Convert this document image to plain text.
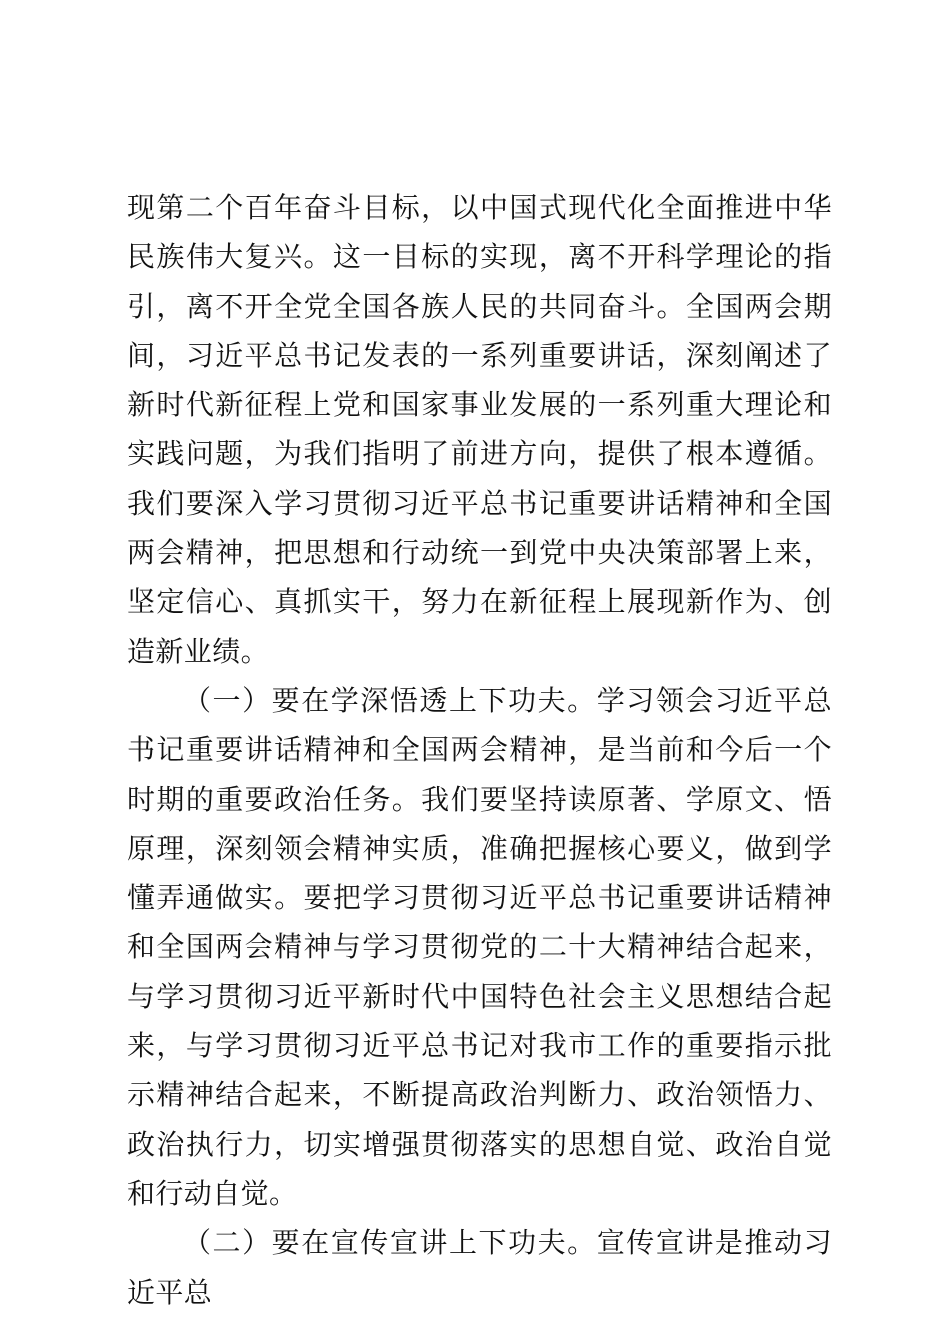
现第二个百年奋斗目标，以中国式现代化全面推进中华民族伟大复兴。这一目标的实现，离不开科学理论的指引，离不开全党全国各族人民的共同奋斗。全国两会期间，习近平总书记发表的一系列重要讲话，深刻阐述了新时代新征程上党和国家事业发展的一系列重大理论和实践问题，为我们指明了前进方向，提供了根本遵循。我们要深入学习贯彻习近平总书记重要讲话精神和全国两会精神，把思想和行动统一到党中央决策部署上来，坚定信心、真抓实干，努力在新征程上展现新作为、创造新业绩。

（一）要在学深悟透上下功夫。学习领会习近平总书记重要讲话精神和全国两会精神，是当前和今后一个时期的重要政治任务。我们要坚持读原著、学原文、悟原理，深刻领会精神实质，准确把握核心要义，做到学懂弄通做实。要把学习贯彻习近平总书记重要讲话精神和全国两会精神与学习贯彻党的二十大精神结合起来，与学习贯彻习近平新时代中国特色社会主义思想结合起来，与学习贯彻习近平总书记对我市工作的重要指示批示精神结合起来，不断提高政治判断力、政治领悟力、政治执行力，切实增强贯彻落实的思想自觉、政治自觉和行动自觉。

（二）要在宣传宣讲上下功夫。宣传宣讲是推动习近平总
